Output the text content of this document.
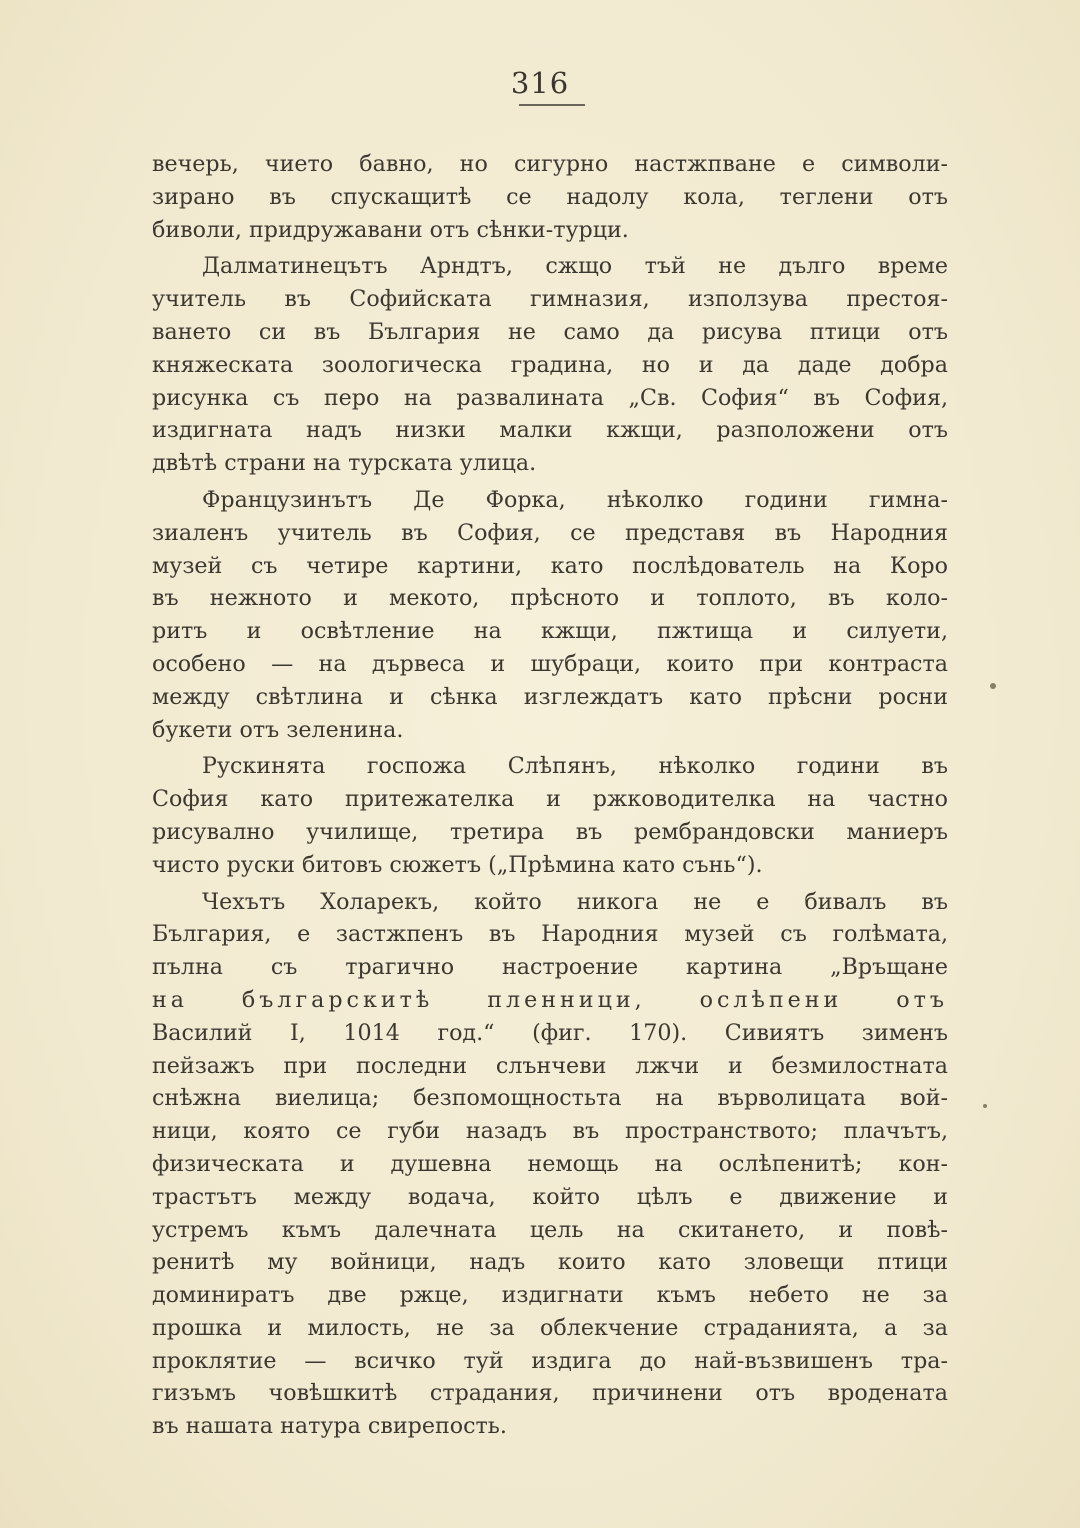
316
вечерь, чието бавно, но сигурно настжпване е символи-
зирано въ спускащитѣ се надолу кола, теглени отъ
биволи, придружавани отъ сѣнки-турци.
Далматинецътъ Арндтъ, сжщо тъй не дълго време
учитель въ Софийската гимназия, използува престоя-
ването си въ България не само да рисува птици отъ
княжеската зоологическа градина, но и да даде добра
рисунка съ перо на развалината „Св. София“ въ София,
издигната надъ низки малки кжщи, разположени отъ
двѣтѣ страни на турската улица.
Французинътъ Де Форка, нѣколко години гимна-
зиаленъ учитель въ София, се представя въ Народния
музей съ четире картини, като послѣдователь на Коро
въ нежното и мекото, прѣсното и топлото, въ коло-
ритъ и освѣтление на кжщи, пжтища и силуети,
особено — на дървеса и шубраци, които при контраста
между свѣтлина и сѣнка изглеждатъ като прѣсни росни
букети отъ зеленина.
Рускинята госпожа Слѣпянъ, нѣколко години въ
София като притежателка и ржководителка на частно
рисувално училище, третира въ рембрандовски маниеръ
чисто руски битовъ сюжетъ („Прѣмина като сънь“).
Чехътъ Холарекъ, който никога не е бивалъ въ
България, е застжпенъ въ Народния музей съ голѣмата,
пълна съ трагично настроение картина „Връщане
на българскитѣ пленници, ослѣпени отъ
Василий I, 1014 год.“ (фиг. 170). Сивиятъ зименъ
пейзажъ при последни слънчеви лжчи и безмилостната
снѣжна виелица; безпомощностьта на върволицата вой-
ници, която се губи назадъ въ пространството; плачътъ,
физическата и душевна немощь на ослѣпенитѣ; кон-
трастътъ между водача, който цѣлъ е движение и
устремъ къмъ далечната цель на скитането, и повѣ-
ренитѣ му войници, надъ които като зловещи птици
доминиратъ две ржце, издигнати къмъ небето не за
прошка и милость, не за облекчение страданията, а за
проклятие — всичко туй издига до най-възвишенъ тра-
гизъмъ човѣшкитѣ страдания, причинени отъ вродената
въ нашата натура свирепость.
